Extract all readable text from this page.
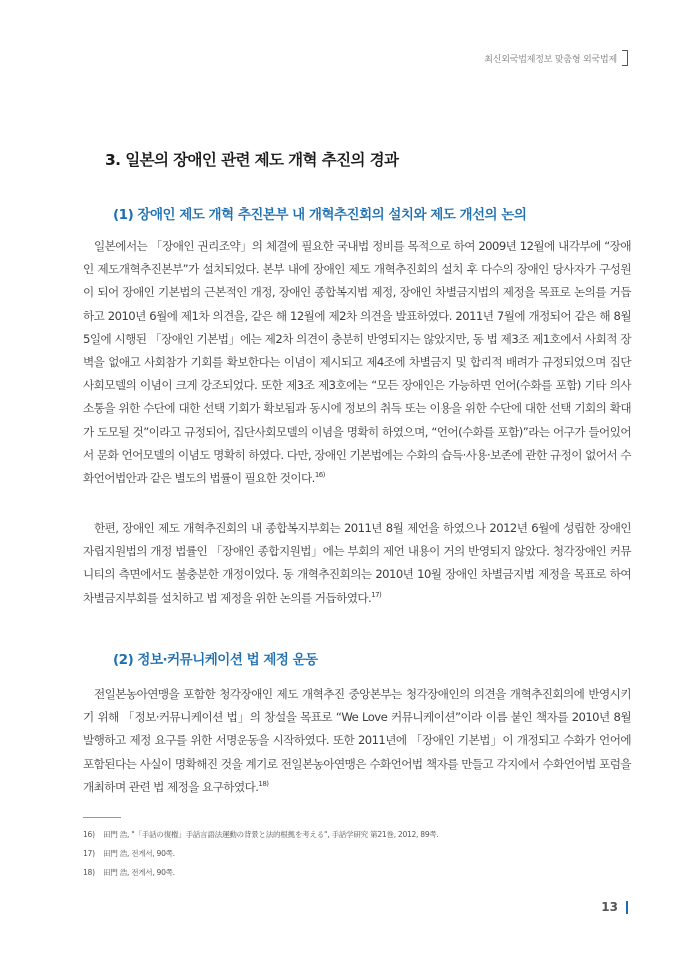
최신외국법제정보 맞춤형 외국법제
3. 일본의 장애인 관련 제도 개혁 추진의 경과
(1) 장애인 제도 개혁 추진본부 내 개혁추진회의 설치와 제도 개선의 논의

일본에서는 「장애인 권리조약」의 체결에 필요한 국내법 정비를 목적으로 하여 2009년 12월에 내각부에 “장애인 제도개혁추진본부”가 설치되었다. 본부 내에 장애인 제도 개혁추진회의 설치 후 다수의 장애인 당사자가 구성원이 되어 장애인 기본법의 근본적인 개정, 장애인 종합복지법 제정, 장애인 차별금지법의 제정을 목표로 논의를 거듭하고 2010년 6월에 제1차 의견을, 같은 해 12월에 제2차 의견을 발표하였다. 2011년 7월에 개정되어 같은 해 8월 5일에 시행된 「장애인 기본법」에는 제2차 의견이 충분히 반영되지는 않았지만, 동 법 제3조 제1호에서 사회적 장벽을 없애고 사회참가 기회를 확보한다는 이념이 제시되고 제4조에 차별금지 및 합리적 배려가 규정되었으며 집단사회모델의 이념이 크게 강조되었다. 또한 제3조 제3호에는 “모든 장애인은 가능하면 언어(수화를 포함) 기타 의사소통을 위한 수단에 대한 선택 기회가 확보됨과 동시에 정보의 취득 또는 이용을 위한 수단에 대한 선택 기회의 확대가 도모될 것”이라고 규정되어, 집단사회모델의 이념을 명확히 하였으며, “언어(수화를 포함)”라는 어구가 들어있어서 문화 언어모델의 이념도 명확히 하였다. 다만, 장애인 기본법에는 수화의 습득·사용·보존에 관한 규정이 없어서 수화언어법안과 같은 별도의 법률이 필요한 것이다.$^{16)}$

한편, 장애인 제도 개혁추진회의 내 종합복지부회는 2011년 8월 제언을 하였으나 2012년 6월에 성립한 장애인 자립지원법의 개정 법률인 「장애인 종합지원법」에는 부회의 제언 내용이 거의 반영되지 않았다. 청각장애인 커뮤니티의 측면에서도 불충분한 개정이었다. 동 개혁추진회의는 2010년 10월 장애인 차별금지법 제정을 목표로 하여 차별금지부회를 설치하고 법 제정을 위한 논의를 거듭하였다.$^{17)}$

(2) 정보·커뮤니케이션 법 제정 운동

전일본농아연맹을 포함한 청각장애인 제도 개혁추진 중앙본부는 청각장애인의 의견을 개혁추진회의에 반영시키기 위해 「정보·커뮤니케이션 법」의 창설을 목표로 “We Love 커뮤니케이션”이라 이름 붙인 책자를 2010년 8월 발행하고 제정 요구를 위한 서명운동을 시작하였다. 또한 2011년에 「장애인 기본법」이 개정되고 수화가 언어에 포함된다는 사실이 명확해진 것을 계기로 전일본농아연맹은 수화언어법 책자를 만들고 각지에서 수화언어법 포럼을 개최하며 관련 법 제정을 요구하였다.$^{18)}$

16)	田門 浩, "「手話の復権」手話言語法運動の背景と法的根拠を考える", 手話学研究 第21巻, 2012, 89쪽.
17)	田門 浩, 전게서, 90쪽.
18)	田門 浩, 전게서, 90쪽.
13
